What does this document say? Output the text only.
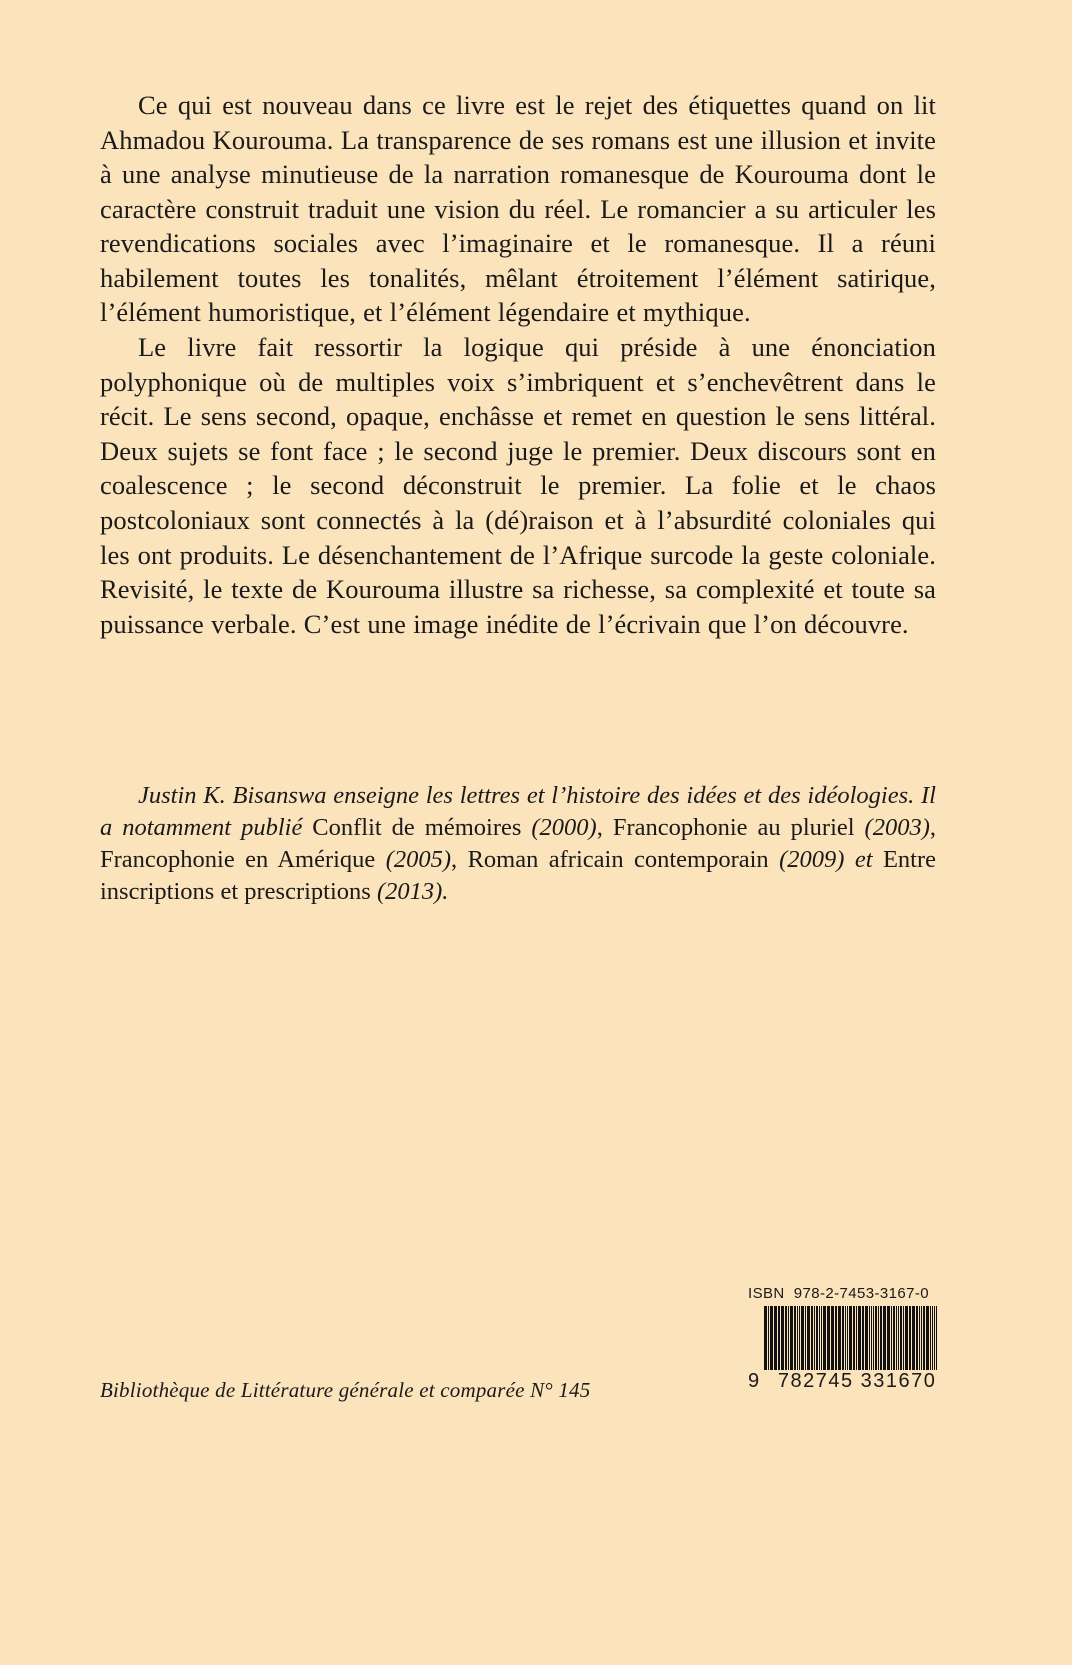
Ce qui est nouveau dans ce livre est le rejet des étiquettes quand on lit Ahmadou Kourouma. La transparence de ses romans est une illusion et invite à une analyse minutieuse de la narration romanesque de Kourouma dont le caractère construit traduit une vision du réel. Le romancier a su articuler les revendications sociales avec l’imaginaire et le romanesque. Il a réuni habilement toutes les tonalités, mêlant étroitement l’élément satirique, l’élément humoristique, et l’élément légendaire et mythique.

Le livre fait ressortir la logique qui préside à une énonciation polyphonique où de multiples voix s’imbriquent et s’enchevêtrent dans le récit. Le sens second, opaque, enchâsse et remet en question le sens littéral. Deux sujets se font face ; le second juge le premier. Deux discours sont en coalescence ; le second déconstruit le premier. La folie et le chaos postcoloniaux sont connectés à la (dé)raison et à l’absurdité coloniales qui les ont produits. Le désenchantement de l’Afrique surcode la geste coloniale. Revisité, le texte de Kourouma illustre sa richesse, sa complexité et toute sa puissance verbale. C’est une image inédite de l’écrivain que l’on découvre.

Justin K. Bisanswa enseigne les lettres et l’histoire des idées et des idéologies. Il a notamment publié Conflit de mémoires (2000), Francophonie au pluriel (2003), Francophonie en Amérique (2005), Roman africain contemporain (2009) et Entre inscriptions et prescriptions (2013).

Bibliothèque de Littérature générale et comparée N° 145
ISBN 978-2-7453-3167-0
9 782745 331670
